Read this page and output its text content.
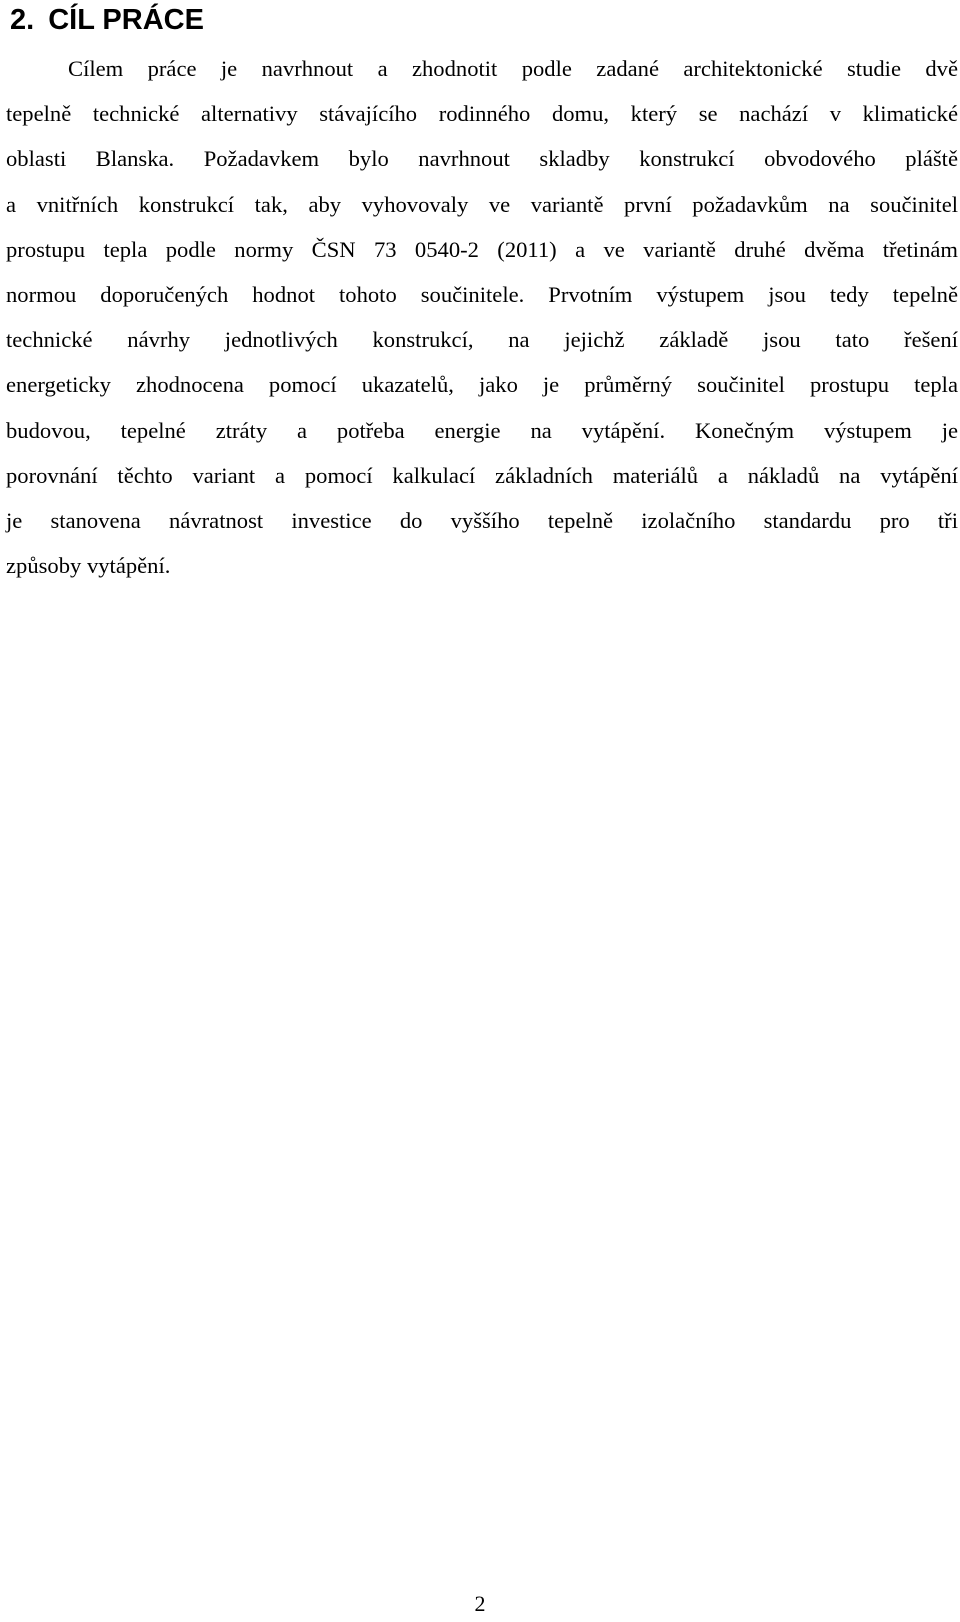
2. CÍL PRÁCE
Cílem práce je navrhnout a zhodnotit podle zadané architektonické studie dvě
tepelně technické alternativy stávajícího rodinného domu, který se nachází v klimatické
oblasti Blanska. Požadavkem bylo navrhnout skladby konstrukcí obvodového pláště
a vnitřních konstrukcí tak, aby vyhovovaly ve variantě první požadavkům na součinitel
prostupu tepla podle normy ČSN 73 0540-2 (2011) a ve variantě druhé dvěma třetinám
normou doporučených hodnot tohoto součinitele. Prvotním výstupem jsou tedy tepelně
technické návrhy jednotlivých konstrukcí, na jejichž základě jsou tato řešení
energeticky zhodnocena pomocí ukazatelů, jako je průměrný součinitel prostupu tepla
budovou, tepelné ztráty a potřeba energie na vytápění. Konečným výstupem je
porovnání těchto variant a pomocí kalkulací základních materiálů a nákladů na vytápění
je stanovena návratnost investice do vyššího tepelně izolačního standardu pro tři
způsoby vytápění.

2
